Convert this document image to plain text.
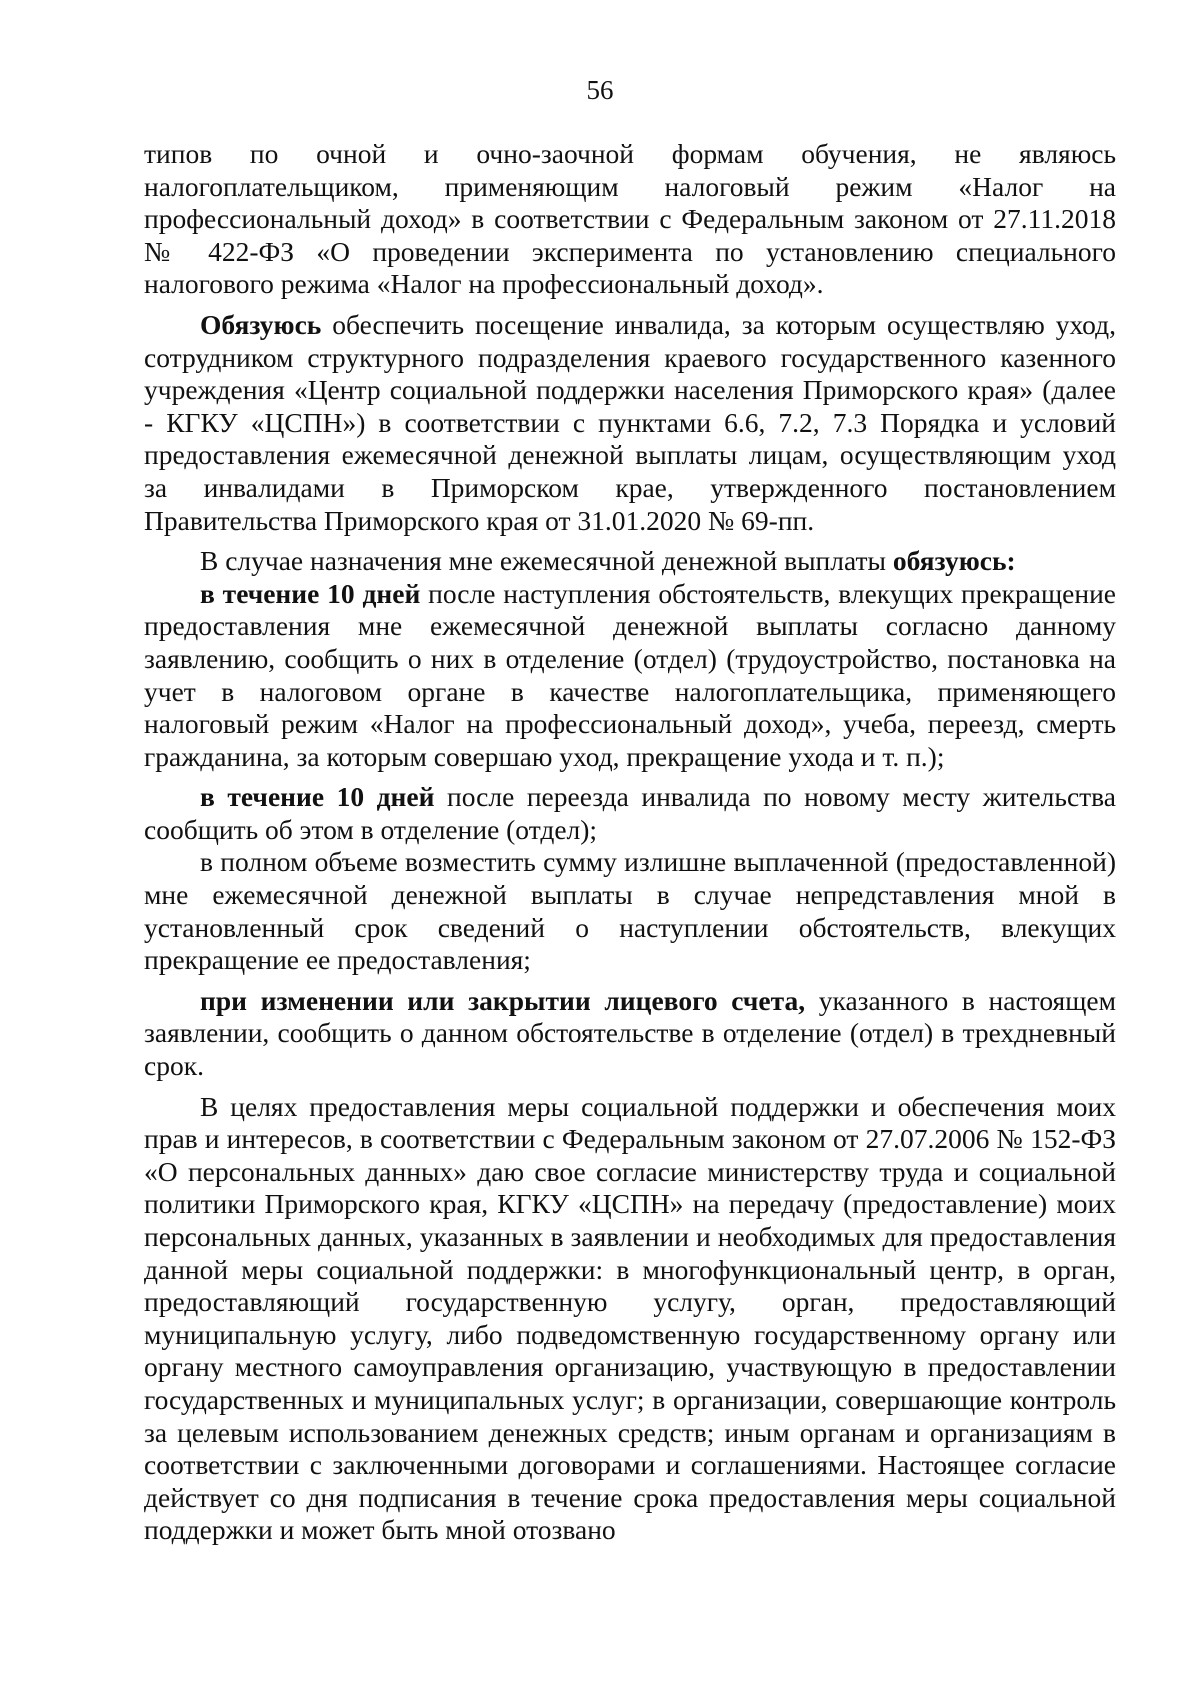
56

типов по очной и очно-заочной формам обучения, не являюсь налогоплательщиком, применяющим налоговый режим «Налог на профессиональный доход» в соответствии с Федеральным законом от 27.11.2018 № 422-ФЗ «О проведении эксперимента по установлению специального налогового режима «Налог на профессиональный доход».

Обязуюсь обеспечить посещение инвалида, за которым осуществляю уход, сотрудником структурного подразделения краевого государственного казенного учреждения «Центр социальной поддержки населения Приморского края» (далее - КГКУ «ЦСПН») в соответствии с пунктами 6.6, 7.2, 7.3 Порядка и условий предоставления ежемесячной денежной выплаты лицам, осуществляющим уход за инвалидами в Приморском крае, утвержденного постановлением Правительства Приморского края от 31.01.2020 № 69-пп.

В случае назначения мне ежемесячной денежной выплаты обязуюсь:

в течение 10 дней после наступления обстоятельств, влекущих прекращение предоставления мне ежемесячной денежной выплаты согласно данному заявлению, сообщить о них в отделение (отдел) (трудоустройство, постановка на учет в налоговом органе в качестве налогоплательщика, применяющего налоговый режим «Налог на профессиональный доход», учеба, переезд, смерть гражданина, за которым совершаю уход, прекращение ухода и т. п.);

в течение 10 дней после переезда инвалида по новому месту жительства сообщить об этом в отделение (отдел);

в полном объеме возместить сумму излишне выплаченной (предоставленной) мне ежемесячной денежной выплаты в случае непредставления мной в установленный срок сведений о наступлении обстоятельств, влекущих прекращение ее предоставления;

при изменении или закрытии лицевого счета, указанного в настоящем заявлении, сообщить о данном обстоятельстве в отделение (отдел) в трехдневный срок.

В целях предоставления меры социальной поддержки и обеспечения моих прав и интересов, в соответствии с Федеральным законом от 27.07.2006 № 152-ФЗ «О персональных данных» даю свое согласие министерству труда и социальной политики Приморского края, КГКУ «ЦСПН» на передачу (предоставление) моих персональных данных, указанных в заявлении и необходимых для предоставления данной меры социальной поддержки: в многофункциональный центр, в орган, предоставляющий государственную услугу, орган, предоставляющий муниципальную услугу, либо подведомственную государственному органу или органу местного самоуправления организацию, участвующую в предоставлении государственных и муниципальных услуг; в организации, совершающие контроль за целевым использованием денежных средств; иным органам и организациям в соответствии с заключенными договорами и соглашениями. Настоящее согласие действует со дня подписания в течение срока предоставления меры социальной поддержки и может быть мной отозвано
